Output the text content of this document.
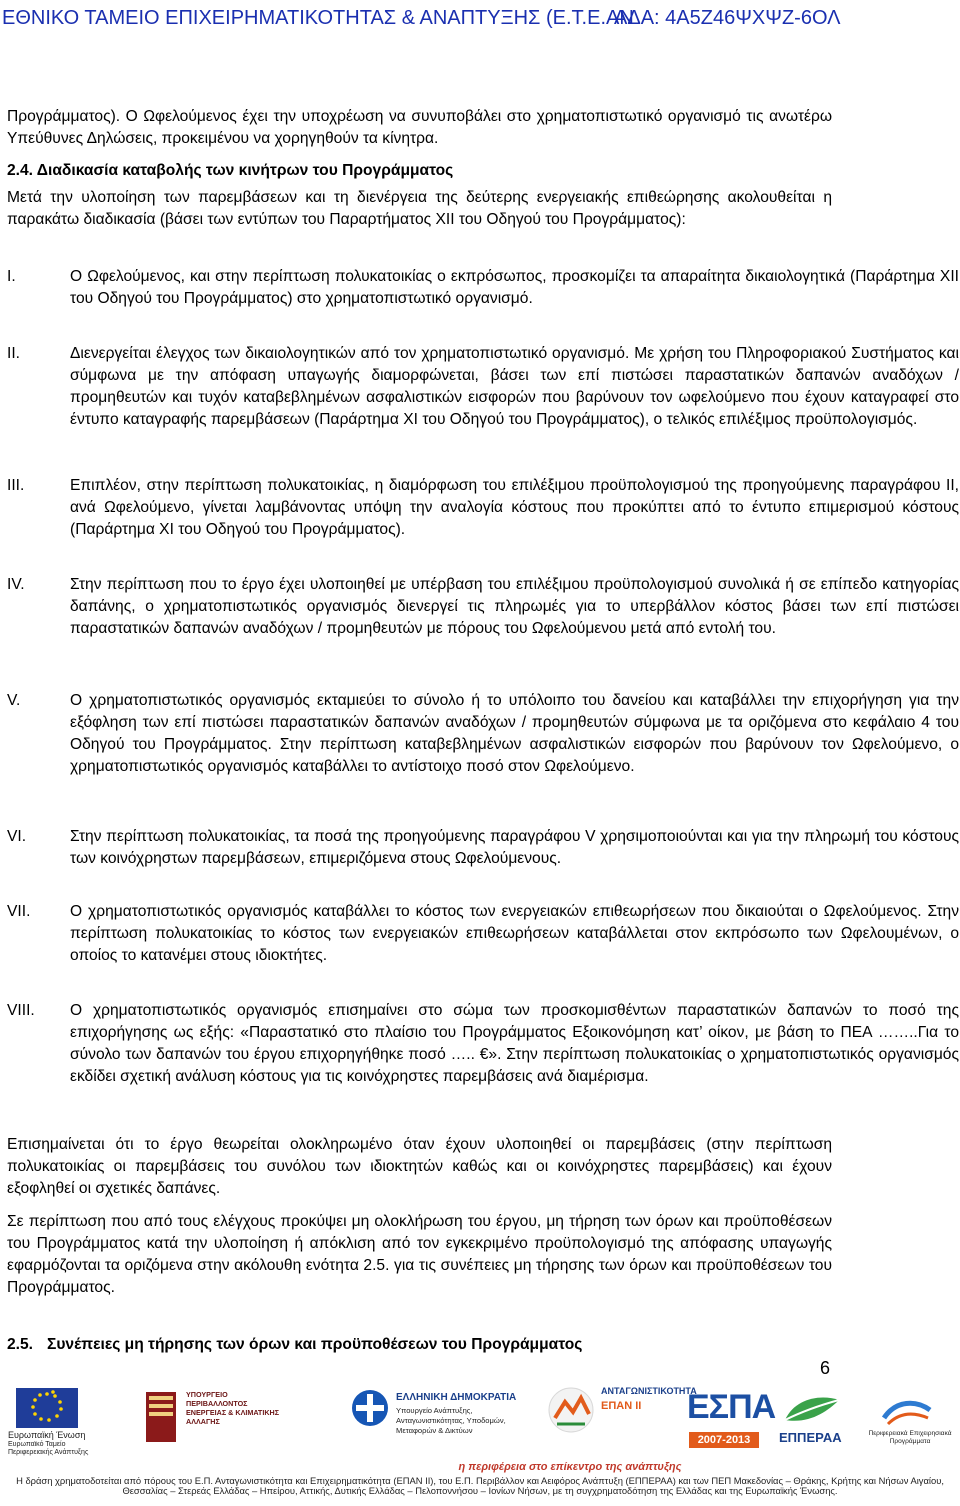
ΕΘΝΙΚΟ ΤΑΜΕΙΟ ΕΠΙΧΕΙΡΗΜΑΤΙΚΟΤΗΤΑΣ & ΑΝΑΠΤΥΞΗΣ (Ε.Τ.Ε.ΑΝ
ΑΔΑ: 4Α5Ζ46ΨΧΨΖ-6ΟΛ
Προγράμματος). Ο Ωφελούμενος έχει την υποχρέωση να συνυποβάλει στο χρηματοπιστωτικό οργανισμό τις ανωτέρω Υπεύθυνες Δηλώσεις, προκειμένου να χορηγηθούν τα κίνητρα.
2.4. Διαδικασία καταβολής των κινήτρων του Προγράμματος
Μετά την υλοποίηση των παρεμβάσεων και τη διενέργεια της δεύτερης ενεργειακής επιθεώρησης ακολουθείται η παρακάτω διαδικασία (βάσει των εντύπων του Παραρτήματος XII του Οδηγού του Προγράμματος):
I.	Ο Ωφελούμενος, και στην περίπτωση πολυκατοικίας ο εκπρόσωπος, προσκομίζει τα απαραίτητα δικαιολογητικά (Παράρτημα XII του Οδηγού του Προγράμματος) στο χρηματοπιστωτικό οργανισμό.
II.	Διενεργείται έλεγχος των δικαιολογητικών από τον χρηματοπιστωτικό οργανισμό. Με χρήση του Πληροφοριακού Συστήματος και σύμφωνα με την απόφαση υπαγωγής διαμορφώνεται, βάσει των επί πιστώσει παραστατικών δαπανών αναδόχων / προμηθευτών και τυχόν καταβεβλημένων ασφαλιστικών εισφορών που βαρύνουν τον ωφελούμενο που έχουν καταγραφεί στο έντυπο καταγραφής παρεμβάσεων (Παράρτημα XI του Οδηγού του Προγράμματος), ο τελικός επιλέξιμος προϋπολογισμός.
III.	Επιπλέον, στην περίπτωση πολυκατοικίας, η διαμόρφωση του επιλέξιμου προϋπολογισμού της προηγούμενης παραγράφου II, ανά Ωφελούμενο, γίνεται λαμβάνοντας υπόψη την αναλογία κόστους που προκύπτει από το έντυπο επιμερισμού κόστους (Παράρτημα XI του Οδηγού του Προγράμματος).
IV.	Στην περίπτωση που το έργο έχει υλοποιηθεί με υπέρβαση του επιλέξιμου προϋπολογισμού συνολικά ή σε επίπεδο κατηγορίας δαπάνης, ο χρηματοπιστωτικός οργανισμός διενεργεί τις πληρωμές για το υπερβάλλον κόστος βάσει των επί πιστώσει παραστατικών δαπανών αναδόχων / προμηθευτών με πόρους του Ωφελούμενου μετά από εντολή του.
V.	Ο χρηματοπιστωτικός οργανισμός εκταμιεύει το σύνολο ή το υπόλοιπο του δανείου και καταβάλλει την επιχορήγηση για την εξόφληση των επί πιστώσει παραστατικών δαπανών αναδόχων / προμηθευτών σύμφωνα με τα οριζόμενα στο κεφάλαιο 4 του Οδηγού του Προγράμματος. Στην περίπτωση καταβεβλημένων ασφαλιστικών εισφορών που βαρύνουν τον Ωφελούμενο, ο χρηματοπιστωτικός οργανισμός καταβάλλει το αντίστοιχο ποσό στον Ωφελούμενο.
VI.	Στην περίπτωση πολυκατοικίας, τα ποσά της προηγούμενης παραγράφου V χρησιμοποιούνται και για την πληρωμή του κόστους των κοινόχρηστων παρεμβάσεων, επιμεριζόμενα στους Ωφελούμενους.
VII.	Ο χρηματοπιστωτικός οργανισμός καταβάλλει το κόστος των ενεργειακών επιθεωρήσεων που δικαιούται ο Ωφελούμενος. Στην περίπτωση πολυκατοικίας το κόστος των ενεργειακών επιθεωρήσεων καταβάλλεται στον εκπρόσωπο των Ωφελουμένων, ο οποίος το κατανέμει στους ιδιοκτήτες.
VIII.	Ο χρηματοπιστωτικός οργανισμός επισημαίνει στο σώμα των προσκομισθέντων παραστατικών δαπανών το ποσό της επιχορήγησης ως εξής: «Παραστατικό στο πλαίσιο του Προγράμματος Εξοικονόμηση κατ’ οίκον, με βάση το ΠΕΑ ……..Για το σύνολο των δαπανών του έργου επιχορηγήθηκε ποσό ….. €». Στην περίπτωση πολυκατοικίας ο χρηματοπιστωτικός οργανισμός εκδίδει σχετική ανάλυση κόστους για τις κοινόχρηστες παρεμβάσεις ανά διαμέρισμα.
Επισημαίνεται ότι το έργο θεωρείται ολοκληρωμένο όταν έχουν υλοποιηθεί οι παρεμβάσεις (στην περίπτωση πολυκατοικίας οι παρεμβάσεις του συνόλου των ιδιοκτητών καθώς και οι κοινόχρηστες παρεμβάσεις) και έχουν εξοφληθεί οι σχετικές δαπάνες.
Σε περίπτωση που από τους ελέγχους προκύψει μη ολοκλήρωση του έργου, μη τήρηση των όρων και προϋποθέσεων του Προγράμματος κατά την υλοποίηση ή απόκλιση από τον εγκεκριμένο προϋπολογισμό της απόφασης υπαγωγής εφαρμόζονται τα οριζόμενα στην ακόλουθη ενότητα 2.5. για τις συνέπειες μη τήρησης των όρων και προϋποθέσεων του Προγράμματος.
2.5. Συνέπειες μη τήρησης των όρων και προϋποθέσεων του Προγράμματος
6
Ευρωπαϊκή Ένωση
Ευρωπαϊκό Ταμείο Περιφερειακής Ανάπτυξης
ΥΠΟΥΡΓΕΙΟ ΠΕΡΙΒΑΛΛΟΝΤΟΣ ΕΝΕΡΓΕΙΑΣ & ΚΛΙΜΑΤΙΚΗΣ ΑΛΛΑΓΗΣ
ΕΛΛΗΝΙΚΗ ΔΗΜΟΚΡΑΤΙΑ
Υπουργείο Ανάπτυξης, Ανταγωνιστικότητας, Υποδομών, Μεταφορών & Δικτύων
ΑΝΤΑΓΩΝΙΣΤΙΚΟΤΗΤΑ
ΕΠΑΝ ΙΙ	ΕΣΠΑ
2007-2013	ΕΠΠΕΡΑΑ	Περιφερειακά Επιχειρησιακά Προγράμματα
η περιφέρεια στο επίκεντρο της ανάπτυξης
Η δράση χρηματοδοτείται από πόρους του Ε.Π. Ανταγωνιστικότητα και Επιχειρηματικότητα (ΕΠΑΝ ΙΙ), του Ε.Π. Περιβάλλον και Αειφόρος Ανάπτυξη (ΕΠΠΕΡΑΑ) και των ΠΕΠ Μακεδονίας – Θράκης, Κρήτης και Νήσων Αιγαίου, Θεσσαλίας – Στερεάς Ελλάδας – Ηπείρου, Αττικής, Δυτικής Ελλάδας – Πελοποννήσου – Ιονίων Νήσων, με τη συγχρηματοδότηση της Ελλάδας και της Ευρωπαϊκής Ένωσης.
